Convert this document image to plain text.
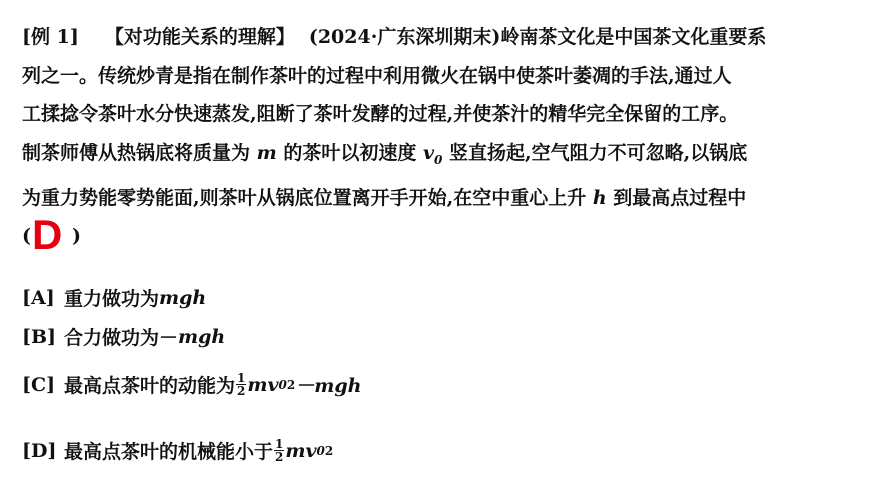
[例 1] 【对功能关系的理解】 (2024·广东深圳期末)岭南茶文化是中国茶文化重要系
列之一。传统炒青是指在制作茶叶的过程中利用微火在锅中使茶叶萎凋的手法,通过人
工揉捻令茶叶水分快速蒸发,阻断了茶叶发酵的过程,并使茶汁的精华完全保留的工序。
制茶师傅从热锅底将质量为 m 的茶叶以初速度 $v_0$ 竖直扬起,空气阻力不可忽略,以锅底
为重力势能零势能面,则茶叶从锅底位置离开手开始,在空中重心上升 h 到最高点过程中

( D )
[A] 重力做功为 mgh
[B] 合力做功为－ mgh
[C] 最高点茶叶的动能为 $\frac{1}{2}$ mv 0 2 －mgh
[D] 最高点茶叶的机械能小于 $\frac{1}{2}$ mv 0 2
